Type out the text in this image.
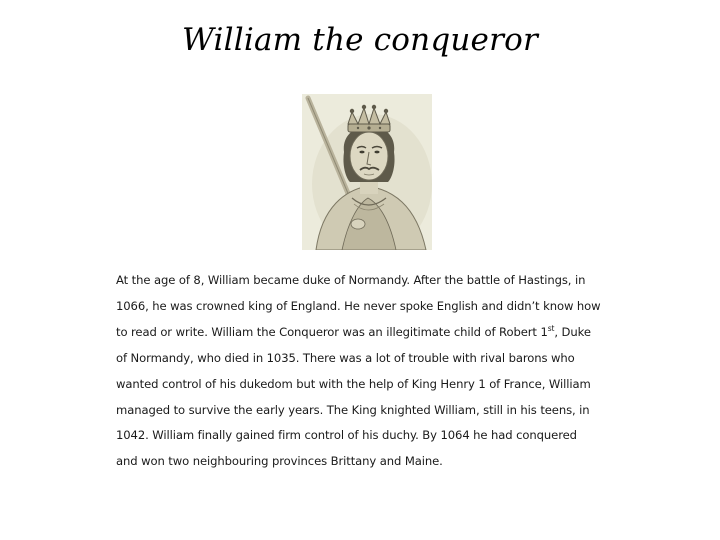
William the conqueror
At the age of 8, William became duke of Normandy. After the battle of Hastings, in
1066, he was crowned king of England. He never spoke English and didn’t know how
to read or write. William the Conqueror was an illegitimate child of Robert 1st, Duke
of Normandy, who died in 1035. There was a lot of trouble with rival barons who
wanted control of his dukedom but with the help of King Henry 1 of France, William
managed to survive the early years. The King knighted William, still in his teens, in
1042. William finally gained firm control of his duchy. By 1064 he had conquered
and won two neighbouring provinces Brittany and Maine.
